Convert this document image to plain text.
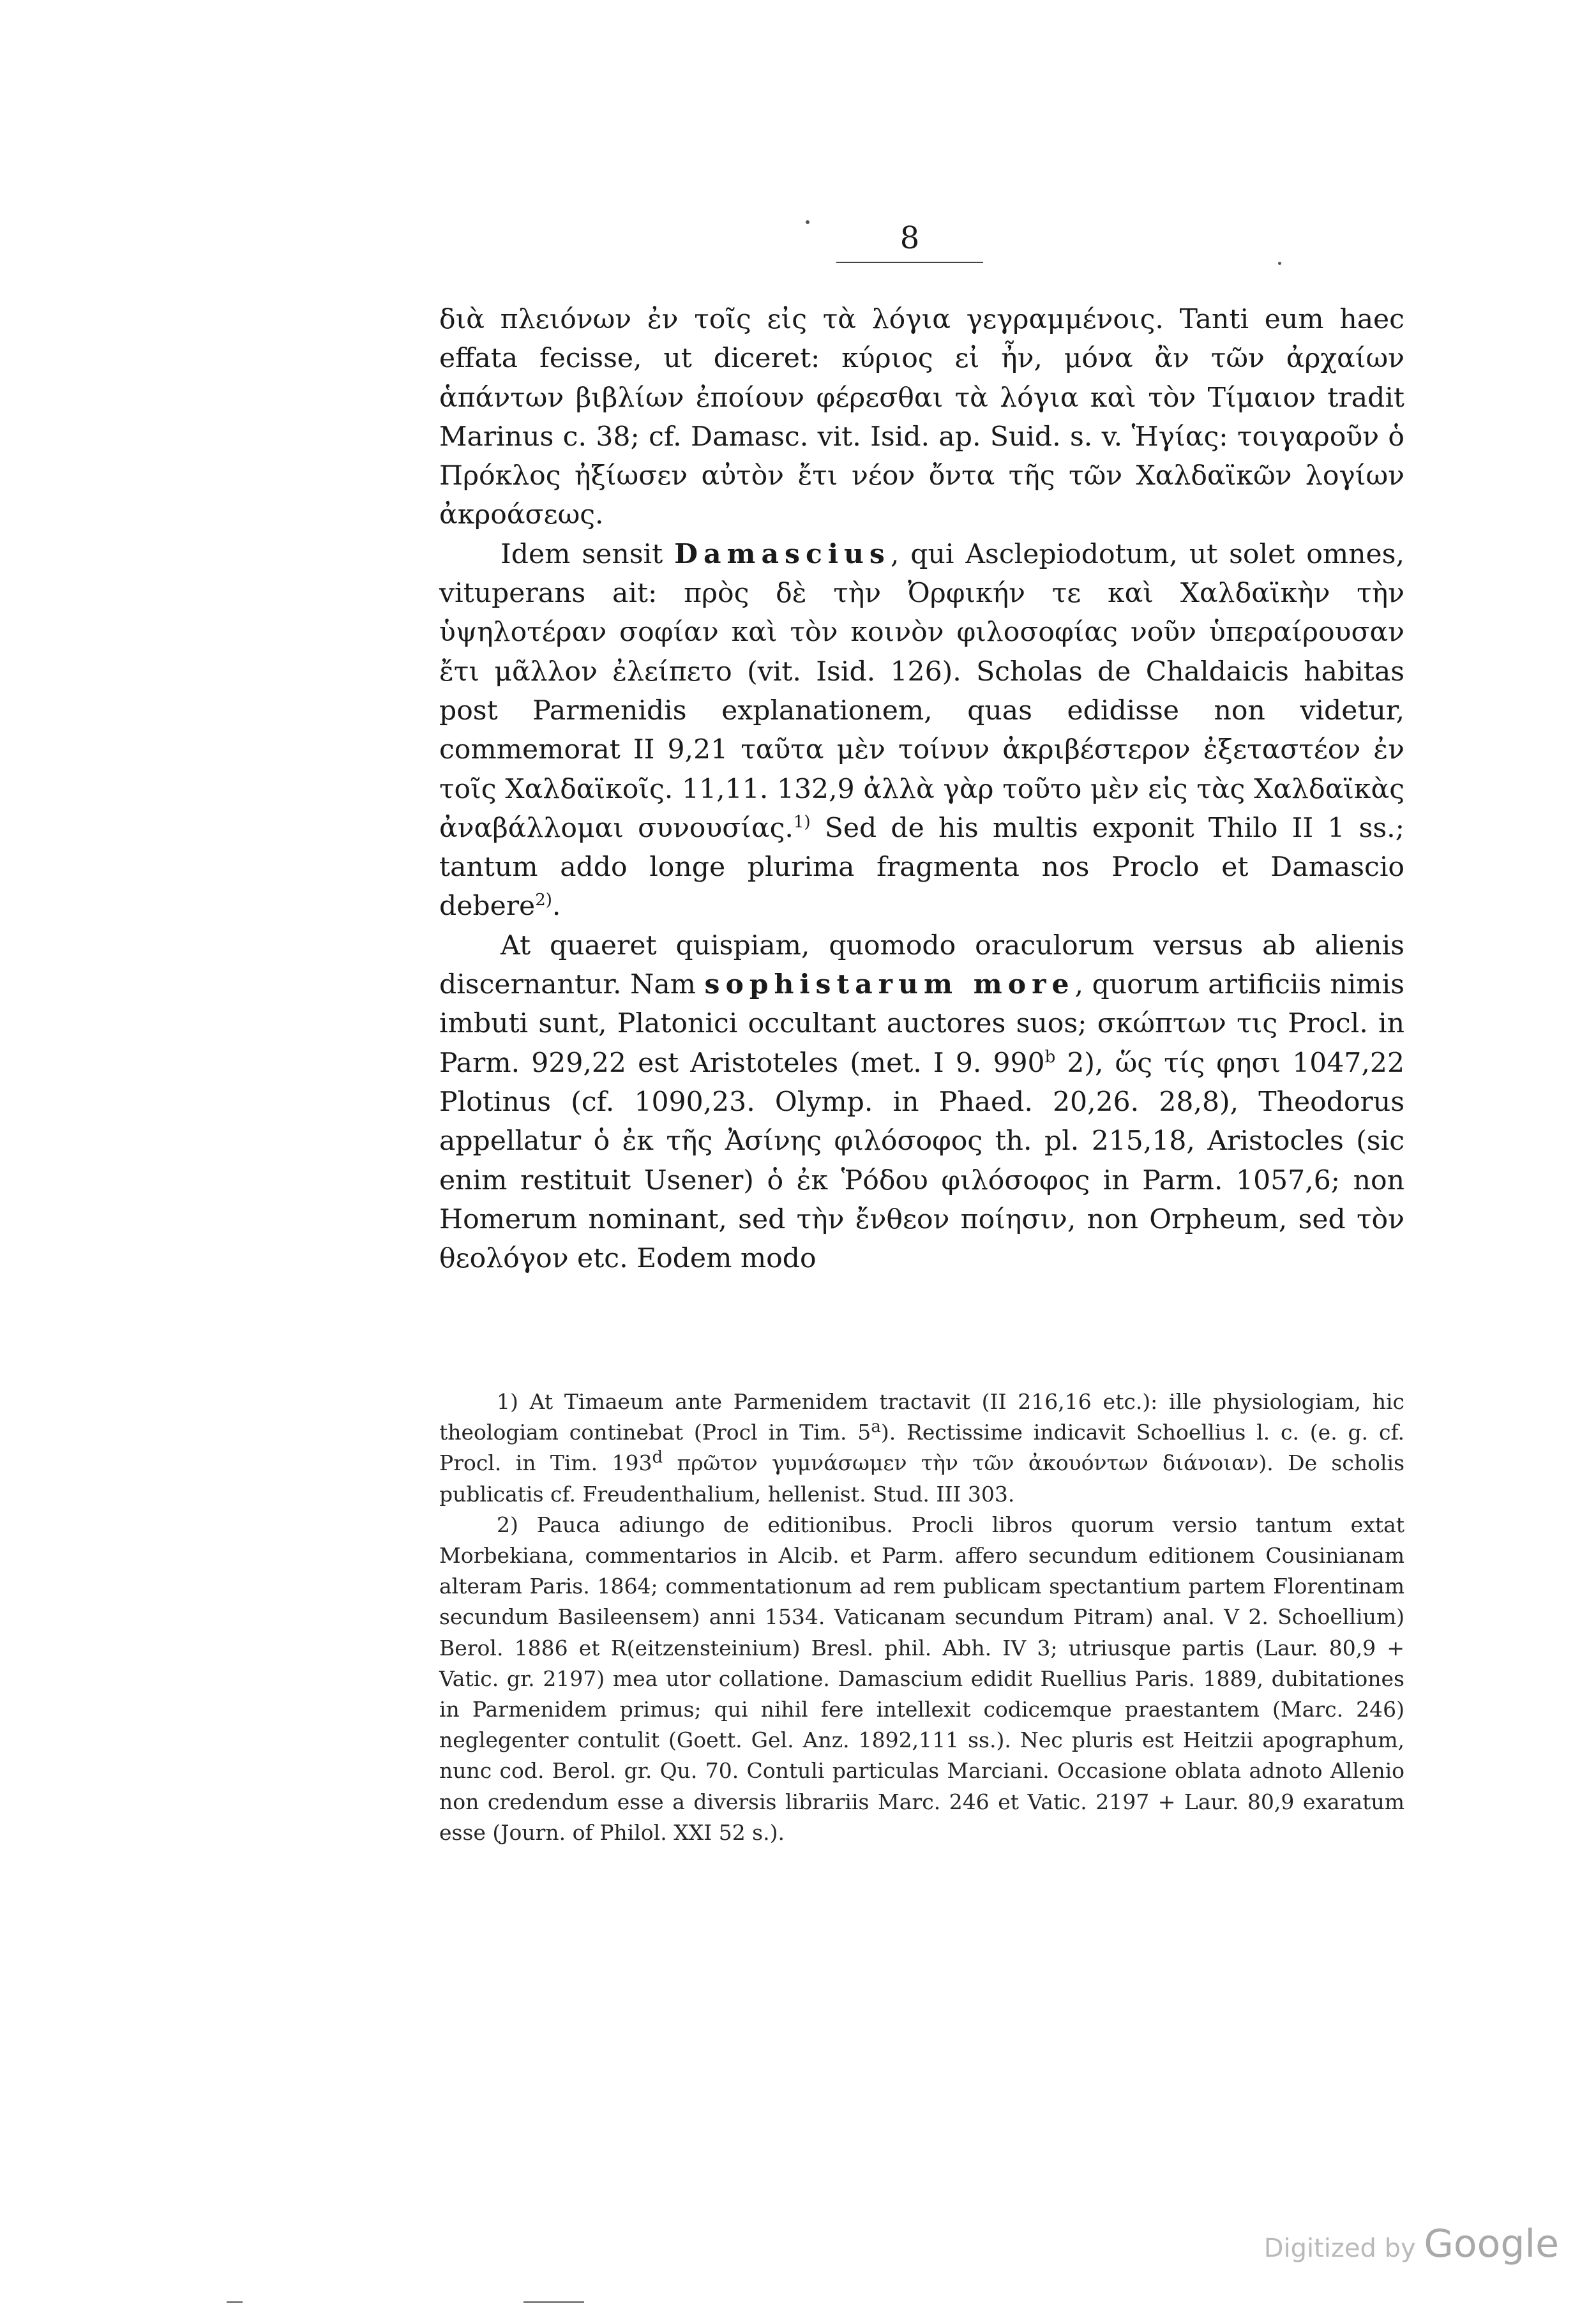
8

διὰ πλειόνων ἐν τοῖς εἰς τὰ λόγια γεγραμμένοις. Tanti eum haec effata fecisse, ut diceret: κύριος εἰ ἦν, μόνα ἂν τῶν ἀρχαίων ἁπάντων βιβλίων ἐποίουν φέρεσθαι τὰ λόγια καὶ τὸν Τίμαιον tradit Marinus c. 38; cf. Damasc. vit. Isid. ap. Suid. s. v. Ἡγίας: τοιγαροῦν ὁ Πρόκλος ἠξίωσεν αὐτὸν ἔτι νέον ὄντα τῆς τῶν Χαλδαϊκῶν λογίων ἀκροάσεως.

Idem sensit Damascius, qui Asclepiodotum, ut solet omnes, vituperans ait: πρὸς δὲ τὴν Ὀρφικήν τε καὶ Χαλδαϊκὴν τὴν ὑψηλοτέραν σοφίαν καὶ τὸν κοινὸν φιλοσοφίας νοῦν ὑπεραίρουσαν ἔτι μᾶλλον ἐλείπετο (vit. Isid. 126). Scholas de Chaldaicis habitas post Parmenidis explanationem, quas edidisse non videtur, commemorat II 9,21 ταῦτα μὲν τοίνυν ἀκριβέστερον ἐξεταστέον ἐν τοῖς Χαλδαϊκοῖς. 11,11. 132,9 ἀλλὰ γὰρ τοῦτο μὲν εἰς τὰς Χαλδαϊκὰς ἀναβάλλομαι συνουσίας.$^{1)}$ Sed de his multis exponit Thilo II 1 ss.; tantum addo longe plurima fragmenta nos Proclo et Damascio debere$^{2)}$.

At quaeret quispiam, quomodo oraculorum versus ab alienis discernantur. Nam sophistarum more, quorum artificiis nimis imbuti sunt, Platonici occultant auctores suos; σκώπτων τις Procl. in Parm. 929,22 est Aristoteles (met. I 9. 990$^b$ 2), ὥς τίς φησι 1047,22 Plotinus (cf. 1090,23. Olymp. in Phaed. 20,26. 28,8), Theodorus appellatur ὁ ἐκ τῆς Ἀσίνης φιλόσοφος th. pl. 215,18, Aristocles (sic enim restituit Usener) ὁ ἐκ Ῥόδου φιλόσοφος in Parm. 1057,6; non Homerum nominant, sed τὴν ἔνθεον ποίησιν, non Orpheum, sed τὸν θεολόγον etc. Eodem modo

1) At Timaeum ante Parmenidem tractavit (II 216,16 etc.): ille physiologiam, hic theologiam continebat (Procl in Tim. 5$^a$). Rectissime indicavit Schoellius l. c. (e. g. cf. Procl. in Tim. 193$^d$ πρῶτον γυμνάσωμεν τὴν τῶν ἀκουόντων διάνοιαν). De scholis publicatis cf. Freudenthalium, hellenist. Stud. III 303.

2) Pauca adiungo de editionibus. Procli libros quorum versio tantum extat Morbekiana, commentarios in Alcib. et Parm. affero secundum editionem Cousinianam alteram Paris. 1864; commentationum ad rem publicam spectantium partem Florentinam secundum Basileensem) anni 1534. Vaticanam secundum Pitram) anal. V 2. Schoellium) Berol. 1886 et R(eitzensteinium) Bresl. phil. Abh. IV 3; utriusque partis (Laur. 80,9 + Vatic. gr. 2197) mea utor collatione. Damascium edidit Ruellius Paris. 1889, dubitationes in Parmenidem primus; qui nihil fere intellexit codicemque praestantem (Marc. 246) neglegenter contulit (Goett. Gel. Anz. 1892,111 ss.). Nec pluris est Heitzii apographum, nunc cod. Berol. gr. Qu. 70. Contuli particulas Marciani. Occasione oblata adnoto Allenio non credendum esse a diversis librariis Marc. 246 et Vatic. 2197 + Laur. 80,9 exaratum esse (Journ. of Philol. XXI 52 s.).

Digitized by Google
